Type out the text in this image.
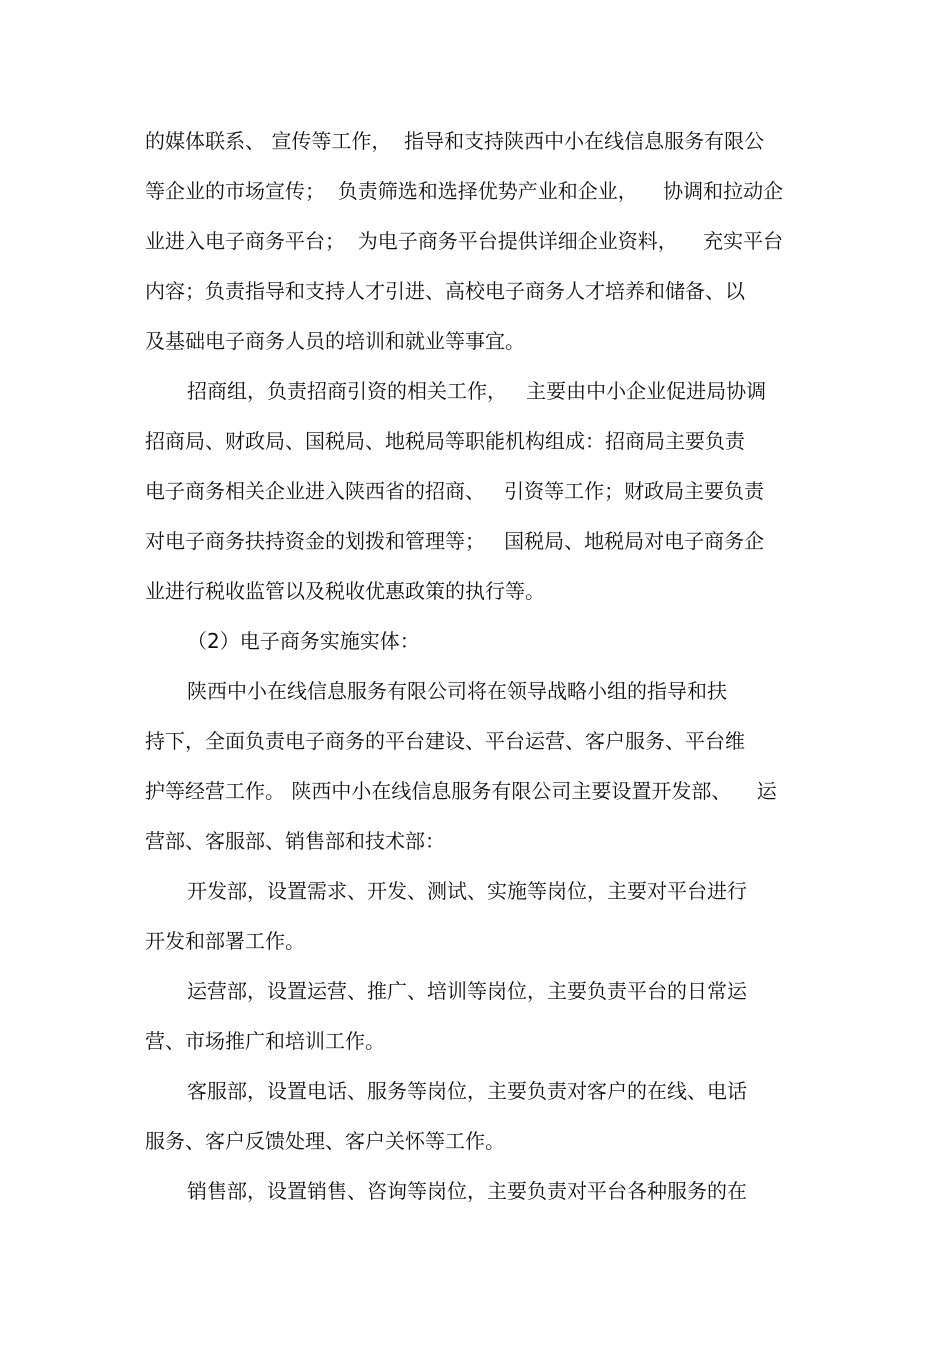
的媒体联系、 宣传等工作，  指导和支持陕西中小在线信息服务有限公
等企业的市场宣传；  负责筛选和选择优势产业和企业，    协调和拉动企
业进入电子商务平台；  为电子商务平台提供详细企业资料，    充实平台
内容；负责指导和支持人才引进、高校电子商务人才培养和储备、以
及基础电子商务人员的培训和就业等事宜。
招商组，负责招商引资的相关工作，   主要由中小企业促进局协调
招商局、财政局、国税局、地税局等职能机构组成：招商局主要负责
电子商务相关企业进入陕西省的招商、   引资等工作；财政局主要负责
对电子商务扶持资金的划拨和管理等；   国税局、地税局对电子商务企
业进行税收监管以及税收优惠政策的执行等。
（2）电子商务实施实体：
陕西中小在线信息服务有限公司将在领导战略小组的指导和扶
持下，全面负责电子商务的平台建设、平台运营、客户服务、平台维
护等经营工作。 陕西中小在线信息服务有限公司主要设置开发部、    运
营部、客服部、销售部和技术部：
开发部，设置需求、开发、测试、实施等岗位，主要对平台进行
开发和部署工作。
运营部，设置运营、推广、培训等岗位，主要负责平台的日常运
营、市场推广和培训工作。
客服部，设置电话、服务等岗位，主要负责对客户的在线、电话
服务、客户反馈处理、客户关怀等工作。
销售部，设置销售、咨询等岗位，主要负责对平台各种服务的在
